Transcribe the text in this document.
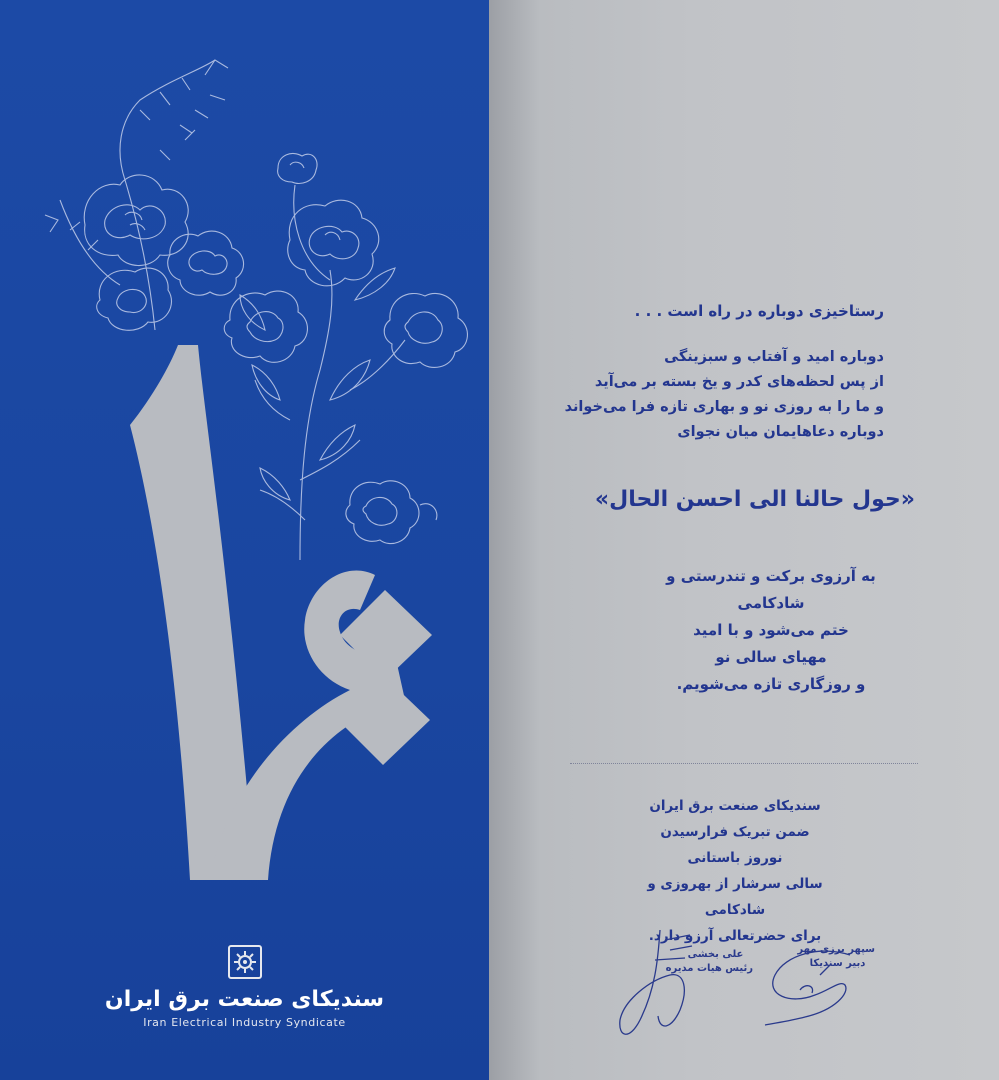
سندیکای صنعت برق ایران
Iran Electrical Industry Syndicate
رستاخیزی دوباره در راه است . . .
دوباره امید و آفتاب و سبزینگی
از پس لحظه‌های کدر و یخ بسته بر می‌آید
و ما را به روزی نو و بهاری تازه فرا می‌خواند
دوباره دعاهایمان میان نجوای
«حول حالنا الی احسن الحال»
به آرزوی برکت و تندرستی و شادکامی
ختم می‌شود و با امید
مهیای سالی نو
و روزگاری تازه می‌شویم.
سندیکای صنعت برق ایران
ضمن تبریک فرارسیدن نوروز باستانی
سالی سرشار از بهروزی و شادکامی
برای حضرتعالی آرزو دارد.
علی بخشی
رئیس هیات مدیره
سپهر برزی مهر
دبیر سندیکا
